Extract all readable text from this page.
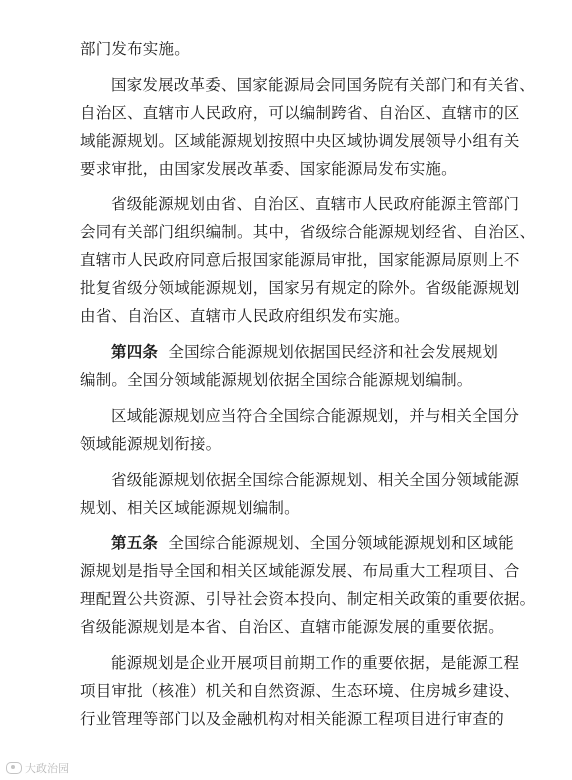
部门发布实施。
国家发展改革委、国家能源局会同国务院有关部门和有关省、
自治区、直辖市人民政府，可以编制跨省、自治区、直辖市的区
域能源规划。区域能源规划按照中央区域协调发展领导小组有关
要求审批，由国家发展改革委、国家能源局发布实施。
省级能源规划由省、自治区、直辖市人民政府能源主管部门
会同有关部门组织编制。其中，省级综合能源规划经省、自治区、
直辖市人民政府同意后报国家能源局审批，国家能源局原则上不
批复省级分领域能源规划，国家另有规定的除外。省级能源规划
由省、自治区、直辖市人民政府组织发布实施。
第四条 全国综合能源规划依据国民经济和社会发展规划
编制。全国分领域能源规划依据全国综合能源规划编制。
区域能源规划应当符合全国综合能源规划，并与相关全国分
领域能源规划衔接。
省级能源规划依据全国综合能源规划、相关全国分领域能源
规划、相关区域能源规划编制。
第五条 全国综合能源规划、全国分领域能源规划和区域能
源规划是指导全国和相关区域能源发展、布局重大工程项目、合
理配置公共资源、引导社会资本投向、制定相关政策的重要依据。
省级能源规划是本省、自治区、直辖市能源发展的重要依据。
能源规划是企业开展项目前期工作的重要依据，是能源工程
项目审批（核准）机关和自然资源、生态环境、住房城乡建设、
行业管理等部门以及金融机构对相关能源工程项目进行审查的
大政治园
